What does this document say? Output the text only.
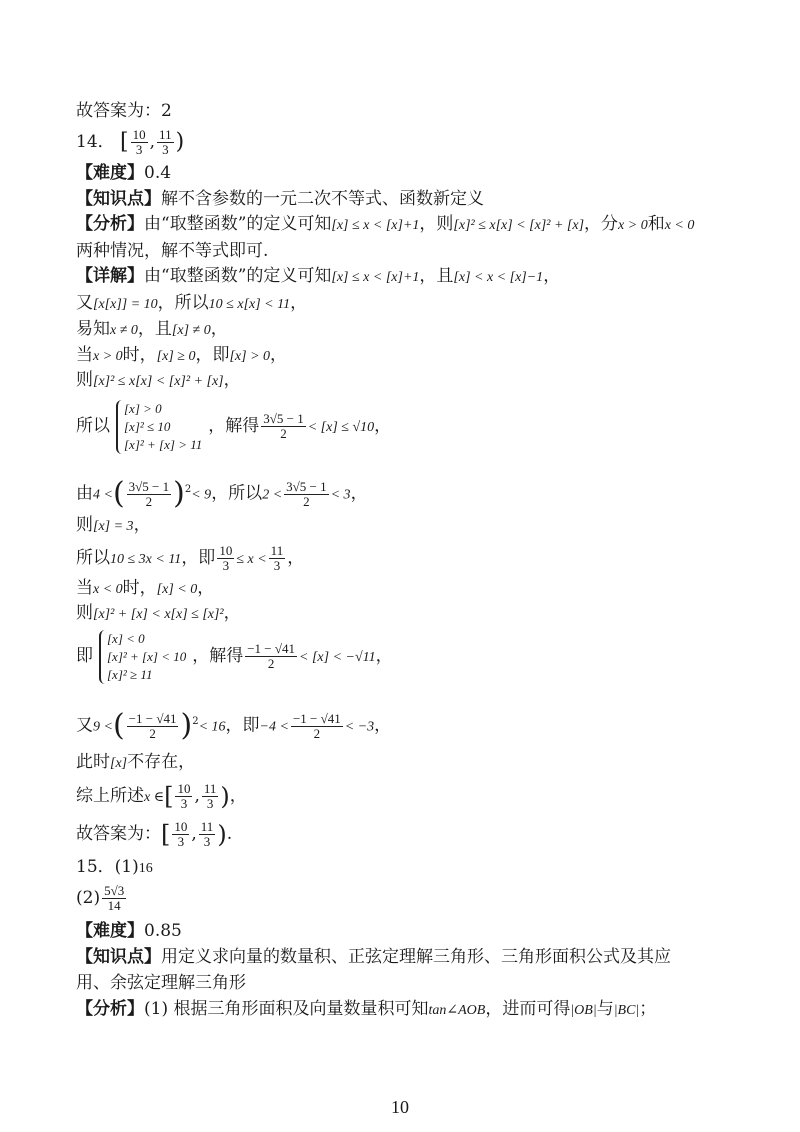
故答案为：2
14． [ $\frac{10}{3}$ , $\frac{11}{3}$ )
【难度】0.4
【知识点】解不含参数的一元二次不等式、函数新定义
【分析】由“取整函数”的定义可知[x] ≤ x < [x]+1，则[x]² ≤ x[x] < [x]² + [x]，分x > 0和x < 0
两种情况，解不等式即可.
【详解】由“取整函数”的定义可知[x] ≤ x < [x]+1，且[x] < x < [x]−1，
又[x[x]] = 10，所以10 ≤ x[x] < 11，
易知x ≠ 0，且[x] ≠ 0，
当x > 0时，[x] ≥ 0，即[x] > 0，
则[x]² ≤ x[x] < [x]² + [x]，
所以
[x] > 0
[x]² ≤ 10
[x]² + [x] > 11
，解得 $\frac{3√5 - 1}{2} < [x] \le √10$，
由4 <( $\frac{3√5 - 1}{2} )^2< 9$，所以$2 < \frac{3√5 - 1}{2} < 3$，
则[x] = 3，
所以10 ≤ 3x < 11，即 $\frac{10}{3} \le x < \frac{11}{3}$ ，
当x < 0时，[x] < 0，
则[x]² + [x] < x[x] ≤ [x]²，
即
[x] < 0
[x]² + [x] < 10
[x]² ≥ 11
，解得 $\frac{-1 - √41}{2} < [x] < -√11$，
又9 <( $\frac{-1 - √41}{2} )^2< 16$，即$-4 < \frac{-1 - √41}{2} < -3$，
此时[x]不存在，
综上所述x ∈[ $\frac{10}{3}$ , $\frac{11}{3}$ )，
故答案为：[ $\frac{10}{3}$ , $\frac{11}{3}$ ).
15．(1)16
$(2) \frac{5√3}{14}$
【难度】0.85
【知识点】用定义求向量的数量积、正弦定理解三角形、三角形面积公式及其应
用、余弦定理解三角形
【分析】(1) 根据三角形面积及向量数量积可知tan∠AOB，进而可得|OB|与|BC|；
10
